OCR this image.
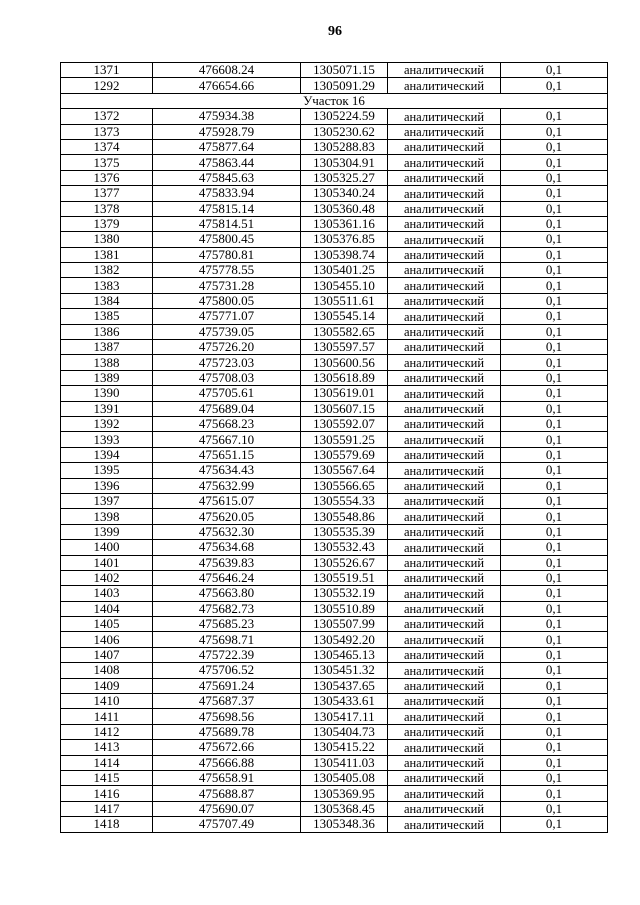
96
1371	476608.24	1305071.15	аналитический	0,1
1292	476654.66	1305091.29	аналитический	0,1
Участок 16				
1372	475934.38	1305224.59	аналитический	0,1
1373	475928.79	1305230.62	аналитический	0,1
1374	475877.64	1305288.83	аналитический	0,1
1375	475863.44	1305304.91	аналитический	0,1
1376	475845.63	1305325.27	аналитический	0,1
1377	475833.94	1305340.24	аналитический	0,1
1378	475815.14	1305360.48	аналитический	0,1
1379	475814.51	1305361.16	аналитический	0,1
1380	475800.45	1305376.85	аналитический	0,1
1381	475780.81	1305398.74	аналитический	0,1
1382	475778.55	1305401.25	аналитический	0,1
1383	475731.28	1305455.10	аналитический	0,1
1384	475800.05	1305511.61	аналитический	0,1
1385	475771.07	1305545.14	аналитический	0,1
1386	475739.05	1305582.65	аналитический	0,1
1387	475726.20	1305597.57	аналитический	0,1
1388	475723.03	1305600.56	аналитический	0,1
1389	475708.03	1305618.89	аналитический	0,1
1390	475705.61	1305619.01	аналитический	0,1
1391	475689.04	1305607.15	аналитический	0,1
1392	475668.23	1305592.07	аналитический	0,1
1393	475667.10	1305591.25	аналитический	0,1
1394	475651.15	1305579.69	аналитический	0,1
1395	475634.43	1305567.64	аналитический	0,1
1396	475632.99	1305566.65	аналитический	0,1
1397	475615.07	1305554.33	аналитический	0,1
1398	475620.05	1305548.86	аналитический	0,1
1399	475632.30	1305535.39	аналитический	0,1
1400	475634.68	1305532.43	аналитический	0,1
1401	475639.83	1305526.67	аналитический	0,1
1402	475646.24	1305519.51	аналитический	0,1
1403	475663.80	1305532.19	аналитический	0,1
1404	475682.73	1305510.89	аналитический	0,1
1405	475685.23	1305507.99	аналитический	0,1
1406	475698.71	1305492.20	аналитический	0,1
1407	475722.39	1305465.13	аналитический	0,1
1408	475706.52	1305451.32	аналитический	0,1
1409	475691.24	1305437.65	аналитический	0,1
1410	475687.37	1305433.61	аналитический	0,1
1411	475698.56	1305417.11	аналитический	0,1
1412	475689.78	1305404.73	аналитический	0,1
1413	475672.66	1305415.22	аналитический	0,1
1414	475666.88	1305411.03	аналитический	0,1
1415	475658.91	1305405.08	аналитический	0,1
1416	475688.87	1305369.95	аналитический	0,1
1417	475690.07	1305368.45	аналитический	0,1
1418	475707.49	1305348.36	аналитический	0,1
